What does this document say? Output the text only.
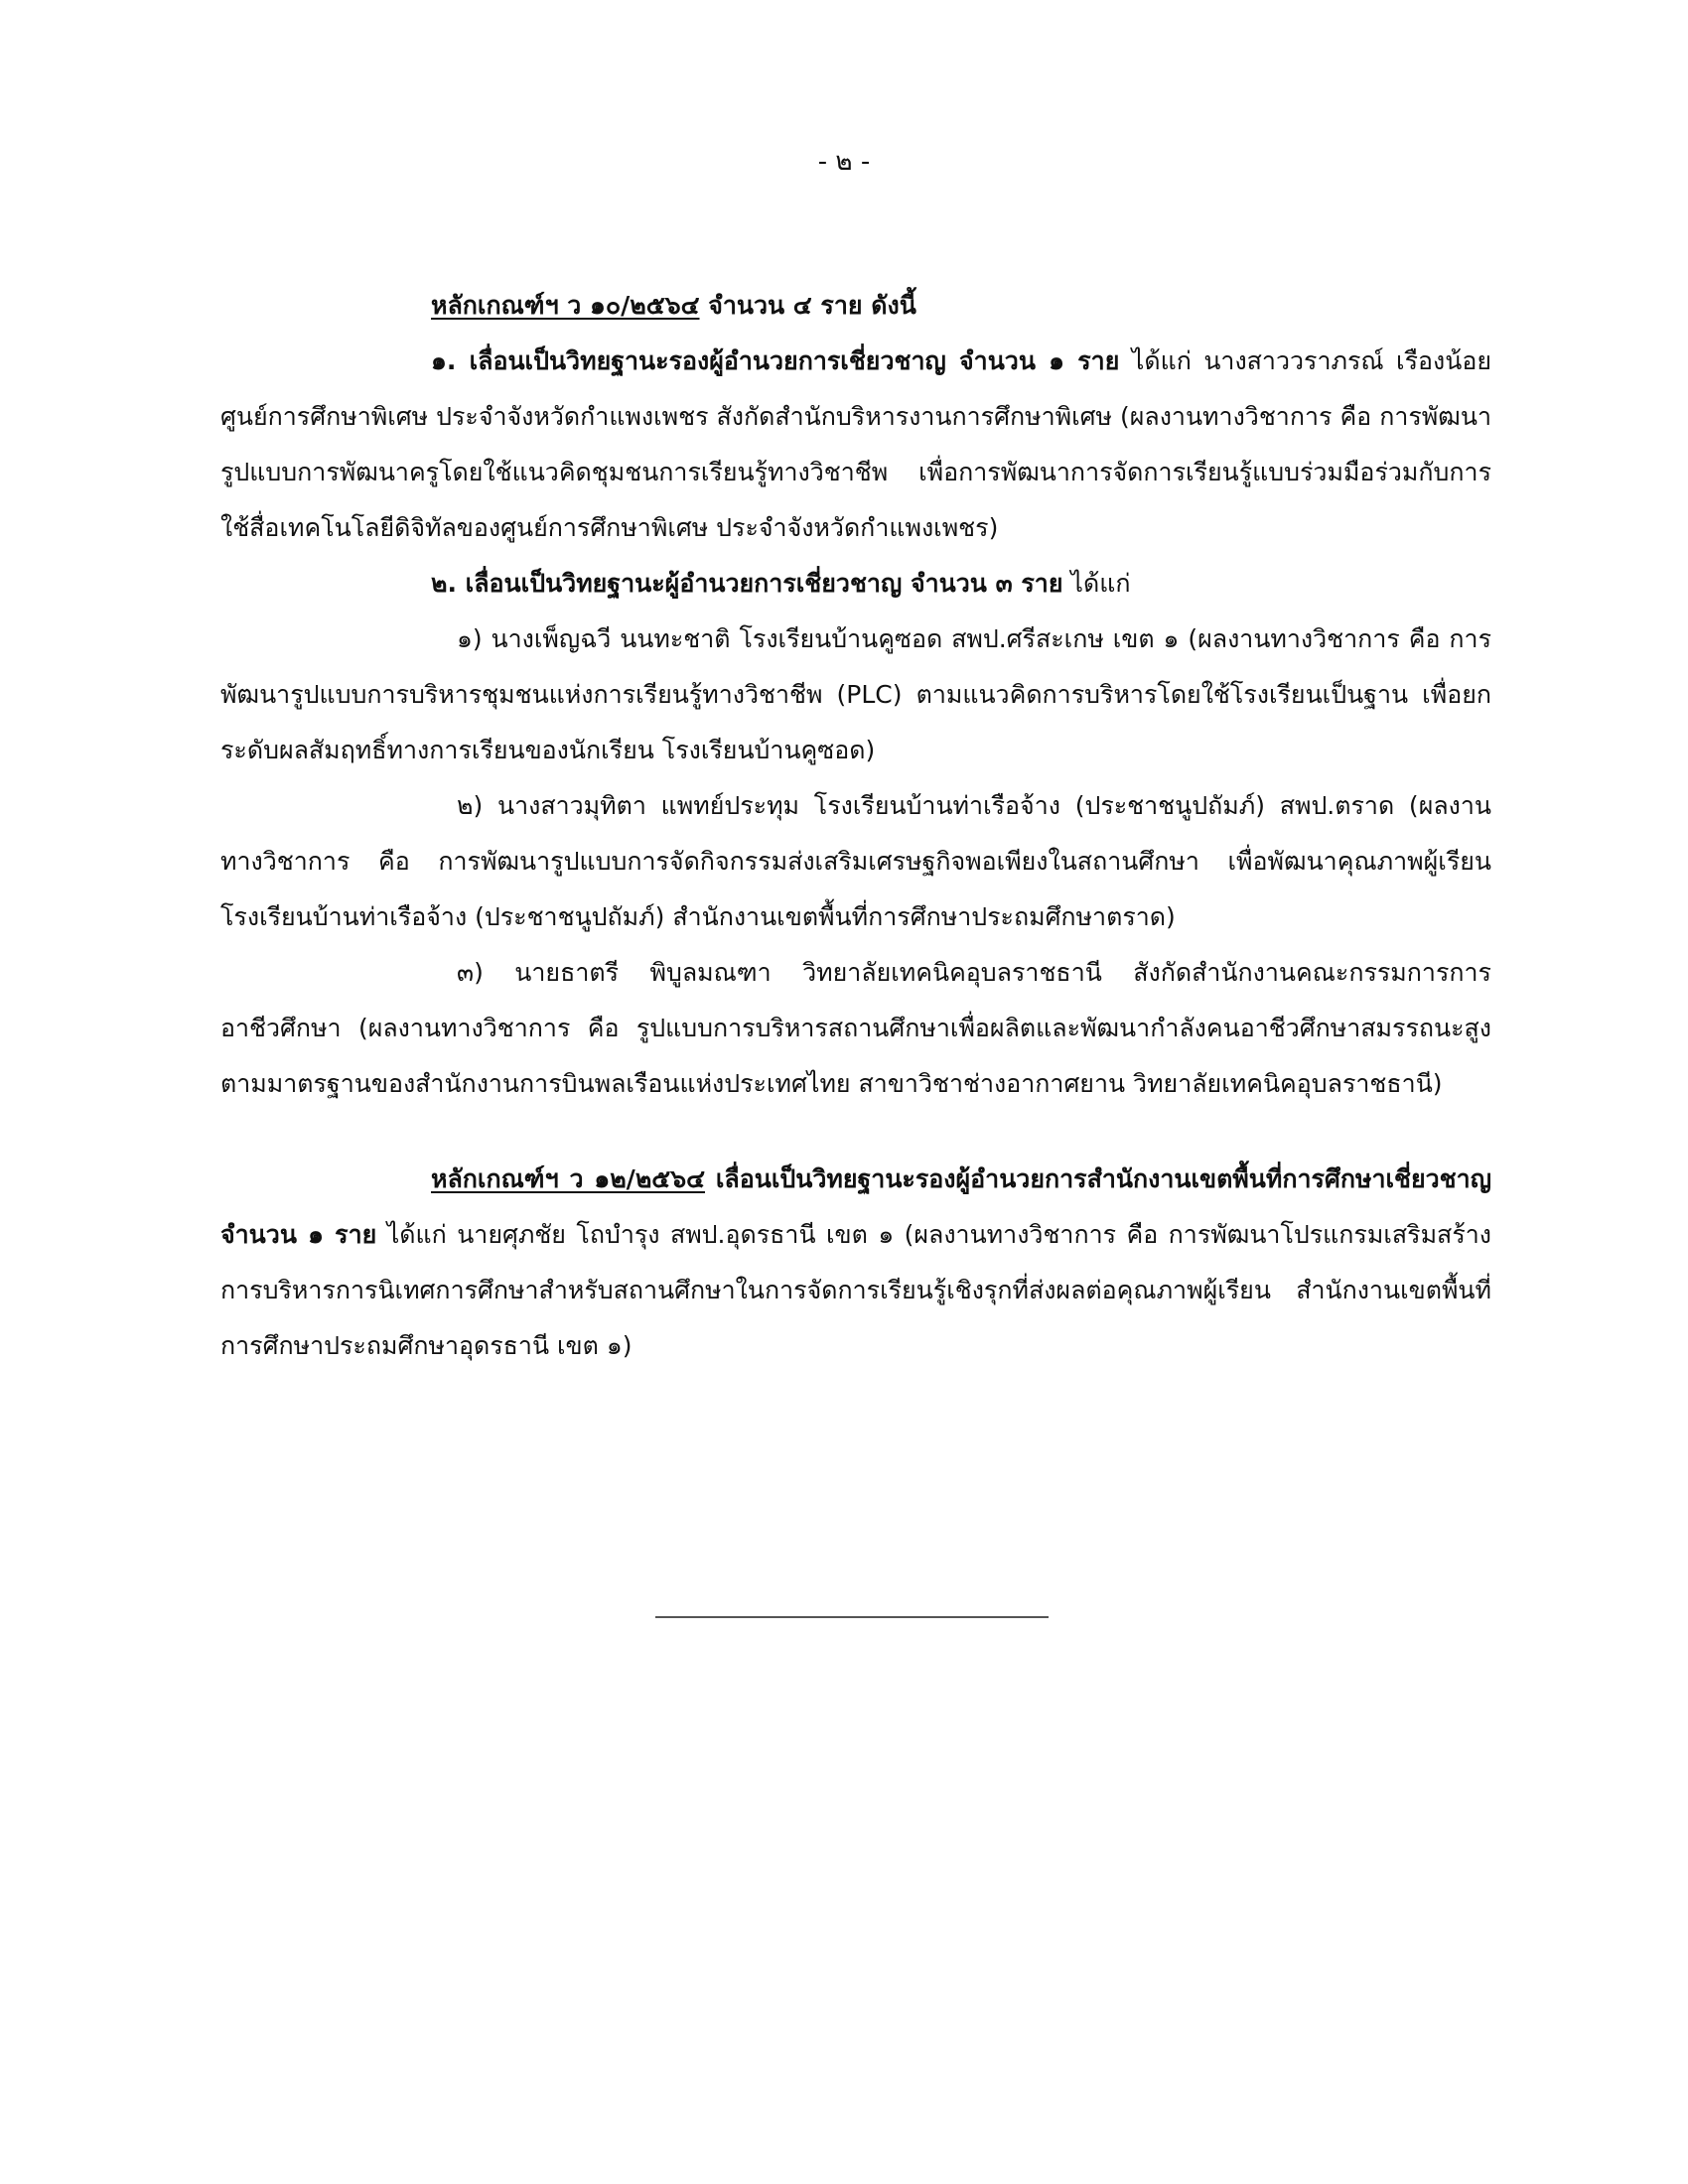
- ๒ -

หลักเกณฑ์ฯ ว ๑๐/๒๕๖๔ จำนวน ๔ ราย ดังนี้

๑. เลื่อนเป็นวิทยฐานะรองผู้อำนวยการเชี่ยวชาญ จำนวน ๑ ราย ได้แก่ นางสาววราภรณ์ เรืองน้อย ศูนย์การศึกษาพิเศษ ประจำจังหวัดกำแพงเพชร สังกัดสำนักบริหารงานการศึกษาพิเศษ (ผลงานทางวิชาการ คือ การพัฒนารูปแบบการพัฒนาครูโดยใช้แนวคิดชุมชนการเรียนรู้ทางวิชาชีพ เพื่อการพัฒนาการจัดการเรียนรู้แบบร่วมมือร่วมกับการใช้สื่อเทคโนโลยีดิจิทัลของศูนย์การศึกษาพิเศษ ประจำจังหวัดกำแพงเพชร)

๒. เลื่อนเป็นวิทยฐานะผู้อำนวยการเชี่ยวชาญ จำนวน ๓ ราย ได้แก่

๑) นางเพ็ญฉวี นนทะชาติ โรงเรียนบ้านคูซอด สพป.ศรีสะเกษ เขต ๑ (ผลงานทางวิชาการ คือ การพัฒนารูปแบบการบริหารชุมชนแห่งการเรียนรู้ทางวิชาชีพ (PLC) ตามแนวคิดการบริหารโดยใช้โรงเรียนเป็นฐาน เพื่อยกระดับผลสัมฤทธิ์ทางการเรียนของนักเรียน โรงเรียนบ้านคูซอด)

๒) นางสาวมุทิตา แพทย์ประทุม โรงเรียนบ้านท่าเรือจ้าง (ประชาชนูปถัมภ์) สพป.ตราด (ผลงานทางวิชาการ คือ การพัฒนารูปแบบการจัดกิจกรรมส่งเสริมเศรษฐกิจพอเพียงในสถานศึกษา เพื่อพัฒนาคุณภาพผู้เรียนโรงเรียนบ้านท่าเรือจ้าง (ประชาชนูปถัมภ์) สำนักงานเขตพื้นที่การศึกษาประถมศึกษาตราด)

๓) นายธาตรี พิบูลมณฑา วิทยาลัยเทคนิคอุบลราชธานี สังกัดสำนักงานคณะกรรมการการอาชีวศึกษา (ผลงานทางวิชาการ คือ รูปแบบการบริหารสถานศึกษาเพื่อผลิตและพัฒนากำลังคนอาชีวศึกษาสมรรถนะสูง ตามมาตรฐานของสำนักงานการบินพลเรือนแห่งประเทศไทย สาขาวิชาช่างอากาศยาน วิทยาลัยเทคนิคอุบลราชธานี)

หลักเกณฑ์ฯ ว ๑๒/๒๕๖๔ เลื่อนเป็นวิทยฐานะรองผู้อำนวยการสำนักงานเขตพื้นที่การศึกษาเชี่ยวชาญ จำนวน ๑ ราย ได้แก่ นายศุภชัย โถบำรุง สพป.อุดรธานี เขต ๑ (ผลงานทางวิชาการ คือ การพัฒนาโปรแกรมเสริมสร้างการบริหารการนิเทศการศึกษาสำหรับสถานศึกษาในการจัดการเรียนรู้เชิงรุกที่ส่งผลต่อคุณภาพผู้เรียน สำนักงานเขตพื้นที่การศึกษาประถมศึกษาอุดรธานี เขต ๑)
